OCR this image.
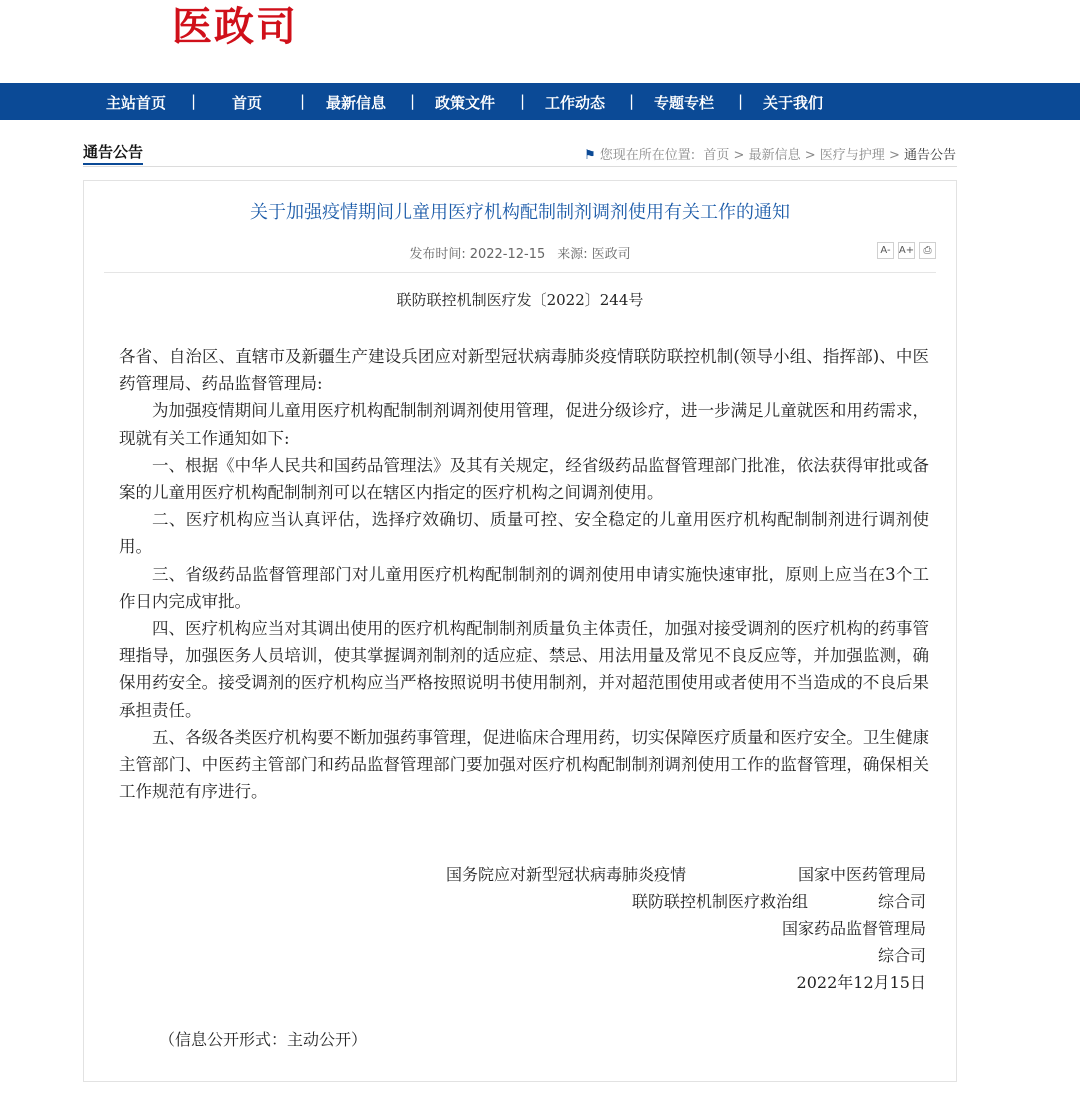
医政司
主站首页 | 首页	| 最新信息 | 政策文件 | 工作动态 | 专题专栏 | 关于我们
通告公告	⚑ 您现在所在位置: 首页 > 最新信息 > 医疗与护理 > 通告公告
关于加强疫情期间儿童用医疗机构配制制剂调剂使用有关工作的通知
发布时间: 2022-12-15 来源: 医政司	A- A+ ⎙
联防联控机制医疗发〔2022〕244号

各省、自治区、直辖市及新疆生产建设兵团应对新型冠状病毒肺炎疫情联防联控机制(领导小组、指挥部)、中医药管理局、药品监督管理局:

为加强疫情期间儿童用医疗机构配制制剂调剂使用管理，促进分级诊疗，进一步满足儿童就医和用药需求，现就有关工作通知如下:

一、根据《中华人民共和国药品管理法》及其有关规定，经省级药品监督管理部门批准，依法获得审批或备案的儿童用医疗机构配制制剂可以在辖区内指定的医疗机构之间调剂使用。

二、医疗机构应当认真评估，选择疗效确切、质量可控、安全稳定的儿童用医疗机构配制制剂进行调剂使用。

三、省级药品监督管理部门对儿童用医疗机构配制制剂的调剂使用申请实施快速审批，原则上应当在3个工作日内完成审批。

四、医疗机构应当对其调出使用的医疗机构配制制剂质量负主体责任，加强对接受调剂的医疗机构的药事管理指导，加强医务人员培训，使其掌握调剂制剂的适应症、禁忌、用法用量及常见不良反应等，并加强监测，确保用药安全。接受调剂的医疗机构应当严格按照说明书使用制剂，并对超范围使用或者使用不当造成的不良后果承担责任。

五、各级各类医疗机构要不断加强药事管理，促进临床合理用药，切实保障医疗质量和医疗安全。卫生健康主管部门、中医药主管部门和药品监督管理部门要加强对医疗机构配制制剂调剂使用工作的监督管理，确保相关工作规范有序进行。

国务院应对新型冠状病毒肺炎疫情	国家中医药管理局
联防联控机制医疗救治组	综合司
国家药品监督管理局
综合司
2022年12月15日
（信息公开形式：主动公开）
